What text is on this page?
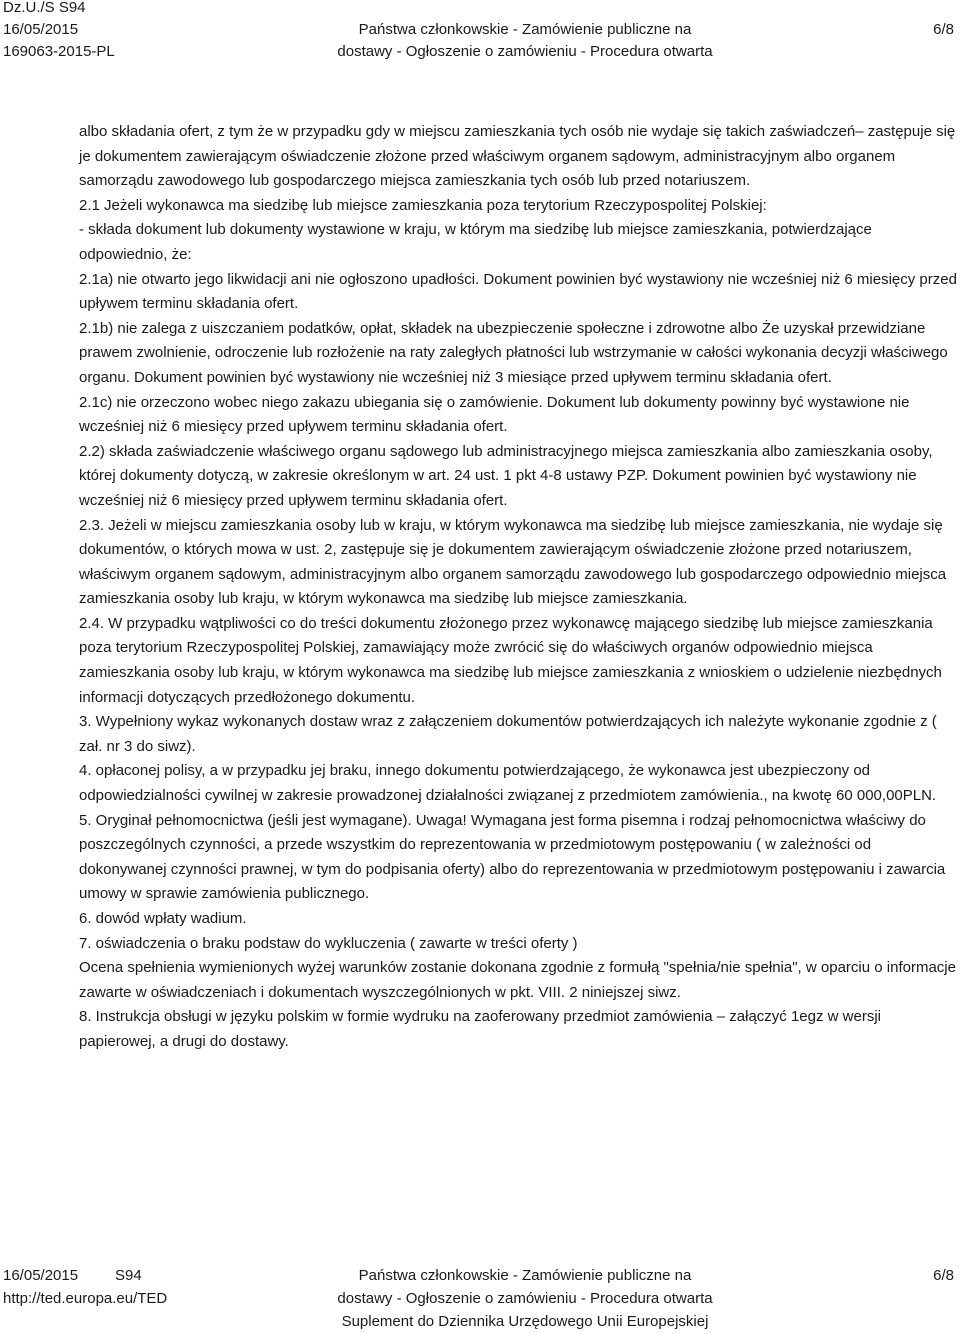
Dz.U./S S94
16/05/2015
169063-2015-PL

Państwa członkowskie - Zamówienie publiczne na
dostawy - Ogłoszenie o zamówieniu - Procedura otwarta
6/8

albo składania ofert, z tym że w przypadku gdy w miejscu zamieszkania tych osób nie wydaje się takich zaświadczeń– zastępuje się je dokumentem zawierającym oświadczenie złożone przed właściwym organem sądowym, administracyjnym albo organem samorządu zawodowego lub gospodarczego miejsca zamieszkania tych osób lub przed notariuszem.

2.1 Jeżeli wykonawca ma siedzibę lub miejsce zamieszkania poza terytorium Rzeczypospolitej Polskiej:

- składa dokument lub dokumenty wystawione w kraju, w którym ma siedzibę lub miejsce zamieszkania, potwierdzające odpowiednio, że:

2.1a) nie otwarto jego likwidacji ani nie ogłoszono upadłości. Dokument powinien być wystawiony nie wcześniej niż 6 miesięcy przed upływem terminu składania ofert.

2.1b) nie zalega z uiszczaniem podatków, opłat, składek na ubezpieczenie społeczne i zdrowotne albo Że uzyskał przewidziane prawem zwolnienie, odroczenie lub rozłożenie na raty zaległych płatności lub wstrzymanie w całości wykonania decyzji właściwego organu. Dokument powinien być wystawiony nie wcześniej niż 3 miesiące przed upływem terminu składania ofert.

2.1c) nie orzeczono wobec niego zakazu ubiegania się o zamówienie. Dokument lub dokumenty powinny być wystawione nie wcześniej niż 6 miesięcy przed upływem terminu składania ofert.

2.2) składa zaświadczenie właściwego organu sądowego lub administracyjnego miejsca zamieszkania albo zamieszkania osoby, której dokumenty dotyczą, w zakresie określonym w art. 24 ust. 1 pkt 4-8 ustawy PZP. Dokument powinien być wystawiony nie wcześniej niż 6 miesięcy przed upływem terminu składania ofert.

2.3. Jeżeli w miejscu zamieszkania osoby lub w kraju, w którym wykonawca ma siedzibę lub miejsce zamieszkania, nie wydaje się dokumentów, o których mowa w ust. 2, zastępuje się je dokumentem zawierającym oświadczenie złożone przed notariuszem, właściwym organem sądowym, administracyjnym albo organem samorządu zawodowego lub gospodarczego odpowiednio miejsca zamieszkania osoby lub kraju, w którym wykonawca ma siedzibę lub miejsce zamieszkania.

2.4. W przypadku wątpliwości co do treści dokumentu złożonego przez wykonawcę mającego siedzibę lub miejsce zamieszkania poza terytorium Rzeczypospolitej Polskiej, zamawiający może zwrócić się do właściwych organów odpowiednio miejsca zamieszkania osoby lub kraju, w którym wykonawca ma siedzibę lub miejsce zamieszkania z wnioskiem o udzielenie niezbędnych informacji dotyczących przedłożonego dokumentu.

3. Wypełniony wykaz wykonanych dostaw wraz z załączeniem dokumentów potwierdzających ich należyte wykonanie zgodnie z ( zał. nr 3 do siwz).

4. opłaconej polisy, a w przypadku jej braku, innego dokumentu potwierdzającego, że wykonawca jest ubezpieczony od odpowiedzialności cywilnej w zakresie prowadzonej działalności związanej z przedmiotem zamówienia., na kwotę 60 000,00PLN.

5. Oryginał pełnomocnictwa (jeśli jest wymagane). Uwaga! Wymagana jest forma pisemna i rodzaj pełnomocnictwa właściwy do poszczególnych czynności, a przede wszystkim do reprezentowania w przedmiotowym postępowaniu ( w zależności od dokonywanej czynności prawnej, w tym do podpisania oferty) albo do reprezentowania w przedmiotowym postępowaniu i zawarcia umowy w sprawie zamówienia publicznego.

6. dowód wpłaty wadium.

7. oświadczenia o braku podstaw do wykluczenia ( zawarte w treści oferty )

Ocena spełnienia wymienionych wyżej warunków zostanie dokonana zgodnie z formułą "spełnia/nie spełnia", w oparciu o informacje zawarte w oświadczeniach i dokumentach wyszczególnionych w pkt. VIII. 2 niniejszej siwz.

8. Instrukcja obsługi w języku polskim w formie wydruku na zaoferowany przedmiot zamówienia – załączyć 1egz w wersji papierowej, a drugi do dostawy.

16/05/2015 S94
http://ted.europa.eu/TED
Państwa członkowskie - Zamówienie publiczne na
dostawy - Ogłoszenie o zamówieniu - Procedura otwarta
Suplement do Dziennika Urzędowego Unii Europejskiej
6/8
